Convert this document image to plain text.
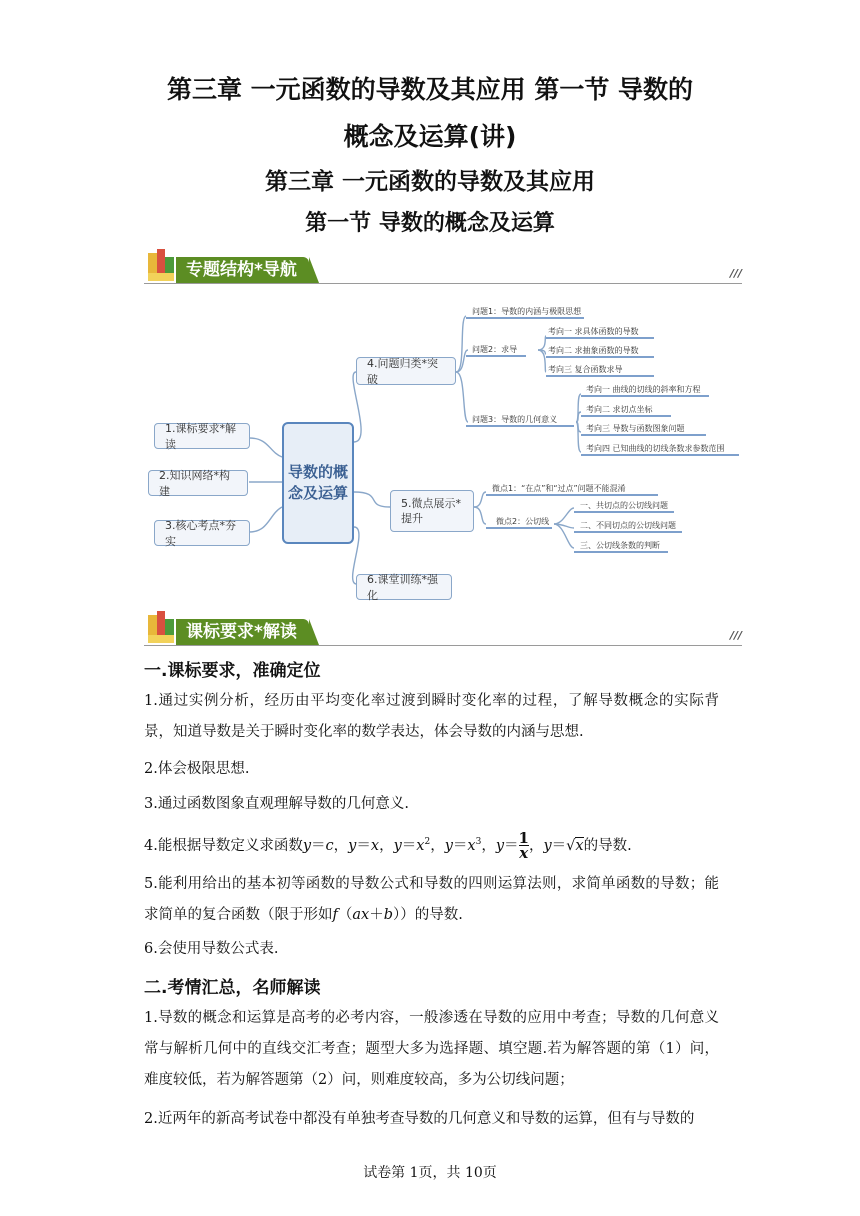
第三章 一元函数的导数及其应用 第一节 导数的
概念及运算(讲)
第三章 一元函数的导数及其应用
第一节 导数的概念及运算
专题结构*导航	///
1.课标要求*解读
2.知识网络*构建
3.核心考点*夯实
导数的概念及运算
4.问题归类*突破
5.微点展示*提升
6.课堂训练*强化
问题1：导数的内涵与极限思想
问题2：求导
考向一 求具体函数的导数
考向二 求抽象函数的导数
考向三 复合函数求导
问题3：导数的几何意义
考向一 曲线的切线的斜率和方程
考向二 求切点坐标
考向三 导数与函数图象问题
考向四 已知曲线的切线条数求参数范围
微点1：“在点”和“过点”问题不能混淆
微点2：公切线
一、共切点的公切线问题
二、不同切点的公切线问题
三、公切线条数的判断
课标要求*解读	///
一.课标要求，准确定位
1.通过实例分析，经历由平均变化率过渡到瞬时变化率的过程，了解导数概念的实际背景，知道导数是关于瞬时变化率的数学表达，体会导数的内涵与思想.
2.体会极限思想.
3.通过函数图象直观理解导数的几何意义.
4.能根据导数定义求函数y＝c，y＝x，$y=x^2$，$y=x^3$，$y= \frac{1}{x}$ ，y＝√x的导数.
5.能利用给出的基本初等函数的导数公式和导数的四则运算法则，求简单函数的导数；能求简单的复合函数（限于形如f（ax＋b））的导数.
6.会使用导数公式表.
二.考情汇总，名师解读
1.导数的概念和运算是高考的必考内容，一般渗透在导数的应用中考查；导数的几何意义常与解析几何中的直线交汇考查；题型大多为选择题、填空题.若为解答题的第（1）问，难度较低，若为解答题第（2）问，则难度较高，多为公切线问题；
2.近两年的新高考试卷中都没有单独考查导数的几何意义和导数的运算，但有与导数的
试卷第 1页，共 10页
